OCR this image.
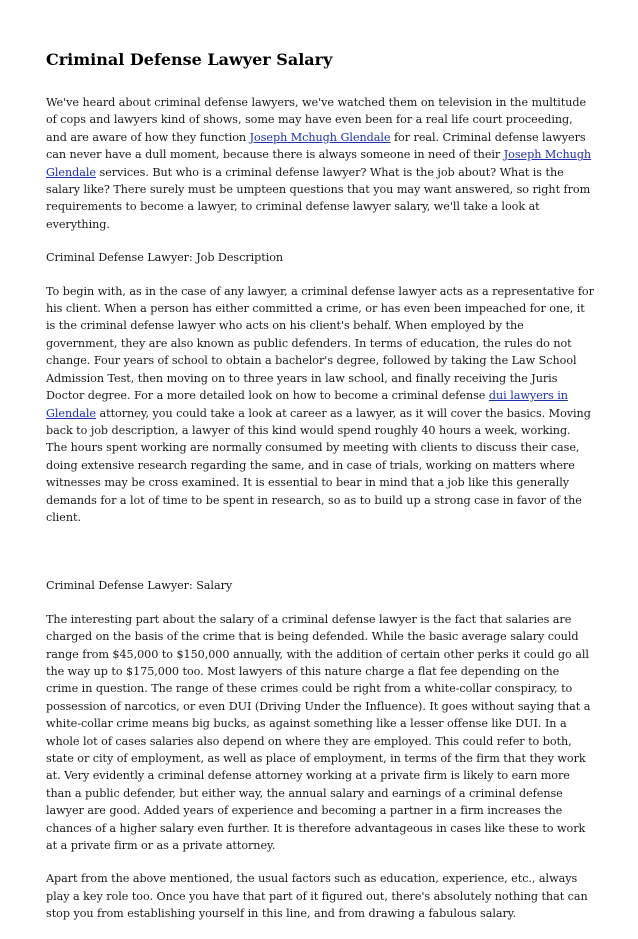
Criminal Defense Lawyer Salary

We've heard about criminal defense lawyers, we've watched them on television in the multitude of cops and lawyers kind of shows, some may have even been for a real life court proceeding, and are aware of how they function Joseph Mchugh Glendale for real. Criminal defense lawyers can never have a dull moment, because there is always someone in need of their Joseph Mchugh Glendale services. But who is a criminal defense lawyer? What is the job about? What is the salary like? There surely must be umpteen questions that you may want answered, so right from requirements to become a lawyer, to criminal defense lawyer salary, we'll take a look at everything.

Criminal Defense Lawyer: Job Description

To begin with, as in the case of any lawyer, a criminal defense lawyer acts as a representative for his client. When a person has either committed a crime, or has even been impeached for one, it is the criminal defense lawyer who acts on his client's behalf. When employed by the government, they are also known as public defenders. In terms of education, the rules do not change. Four years of school to obtain a bachelor's degree, followed by taking the Law School Admission Test, then moving on to three years in law school, and finally receiving the Juris Doctor degree. For a more detailed look on how to become a criminal defense dui lawyers in Glendale attorney, you could take a look at career as a lawyer, as it will cover the basics. Moving back to job description, a lawyer of this kind would spend roughly 40 hours a week, working. The hours spent working are normally consumed by meeting with clients to discuss their case, doing extensive research regarding the same, and in case of trials, working on matters where witnesses may be cross examined. It is essential to bear in mind that a job like this generally demands for a lot of time to be spent in research, so as to build up a strong case in favor of the client.

Criminal Defense Lawyer: Salary

The interesting part about the salary of a criminal defense lawyer is the fact that salaries are charged on the basis of the crime that is being defended. While the basic average salary could range from $45,000 to $150,000 annually, with the addition of certain other perks it could go all the way up to $175,000 too. Most lawyers of this nature charge a flat fee depending on the crime in question. The range of these crimes could be right from a white-collar conspiracy, to possession of narcotics, or even DUI (Driving Under the Influence). It goes without saying that a white-collar crime means big bucks, as against something like a lesser offense like DUI. In a whole lot of cases salaries also depend on where they are employed. This could refer to both, state or city of employment, as well as place of employment, in terms of the firm that they work at. Very evidently a criminal defense attorney working at a private firm is likely to earn more than a public defender, but either way, the annual salary and earnings of a criminal defense lawyer are good. Added years of experience and becoming a partner in a firm increases the chances of a higher salary even further. It is therefore advantageous in cases like these to work at a private firm or as a private attorney.

Apart from the above mentioned, the usual factors such as education, experience, etc., always play a key role too. Once you have that part of it figured out, there's absolutely nothing that can stop you from establishing yourself in this line, and from drawing a fabulous salary.
